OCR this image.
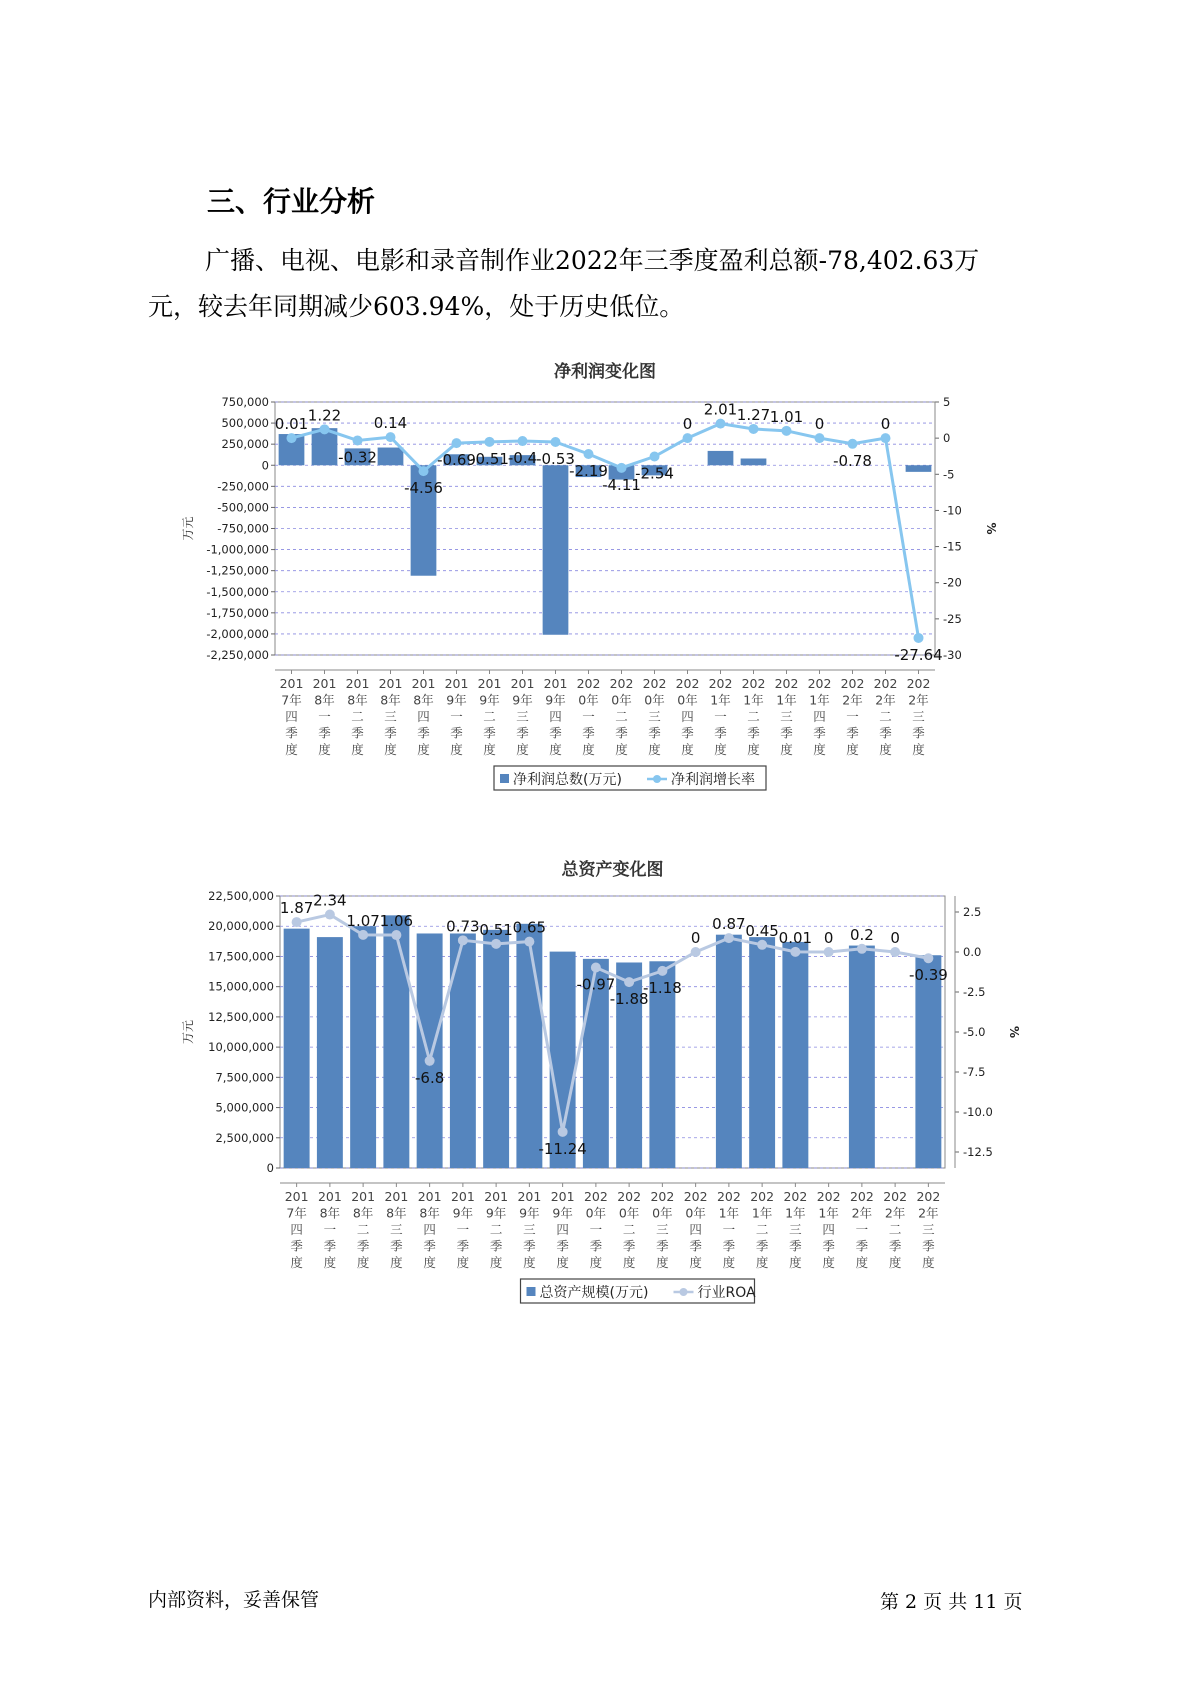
三、行业分析
广播、电视、电影和录音制作业2022年三季度盈利总额-78,402.63万
元，较去年同期减少603.94%，处于历史低位。
净利润变化图
750,000
500,000
250,000
0
-250,000
-500,000
-750,000
-1,000,000
-1,250,000
-1,500,000
-1,750,000
-2,000,000
-2,250,000
5
0
-5
-10
-15
-20
-25
-30
万元	%
0.01 1.22
-0.32
0.14
-4.56
-0.69
-0.51
-0.4
-0.53
-2.19
-4.11
-2.54
0
2.01 1.27 1.01 0
-0.78
0
-27.64
201
7年
四
季
度
201
8年
一
季
度
201
8年
二
季
度
201
8年
三
季
度
201
8年
四
季
度
201
9年
一
季
度
201
9年
二
季
度
201
9年
三
季
度
201
9年
四
季
度
202
0年
一
季
度
202
0年
二
季
度
202
0年
三
季
度
202
0年
四
季
度
202
1年
一
季
度
202
1年
二
季
度
202
1年
三
季
度
202
1年
四
季
度
202
2年
一
季
度
202
2年
二
季
度
202
2年
三
季
度
净利润总数(万元)	净利润增长率
总资产变化图
22,500,000
20,000,000
17,500,000
15,000,000
12,500,000
10,000,000
7,500,000
5,000,000
2,500,000
0
2.5
0.0
-2.5
-5.0
-7.5
-10.0
-12.5
万元	%
1.87 2.34
1.07 1.06
-6.8
0.73 0.51 0.65
-11.24
-0.97
-1.88
-1.18
0
0.87 0.45 0.01 0 0.2 0
-0.39
201
7年
四
季
度
201
8年
一
季
度
201
8年
二
季
度
201
8年
三
季
度
201
8年
四
季
度
201
9年
一
季
度
201
9年
二
季
度
201
9年
三
季
度
201
9年
四
季
度
202
0年
一
季
度
202
0年
二
季
度
202
0年
三
季
度
202
0年
四
季
度
202
1年
一
季
度
202
1年
二
季
度
202
1年
三
季
度
202
1年
四
季
度
202
2年
一
季
度
202
2年
二
季
度
202
2年
三
季
度
总资产规模(万元)	行业ROA
内部资料，妥善保管	第 2 页 共 11 页
